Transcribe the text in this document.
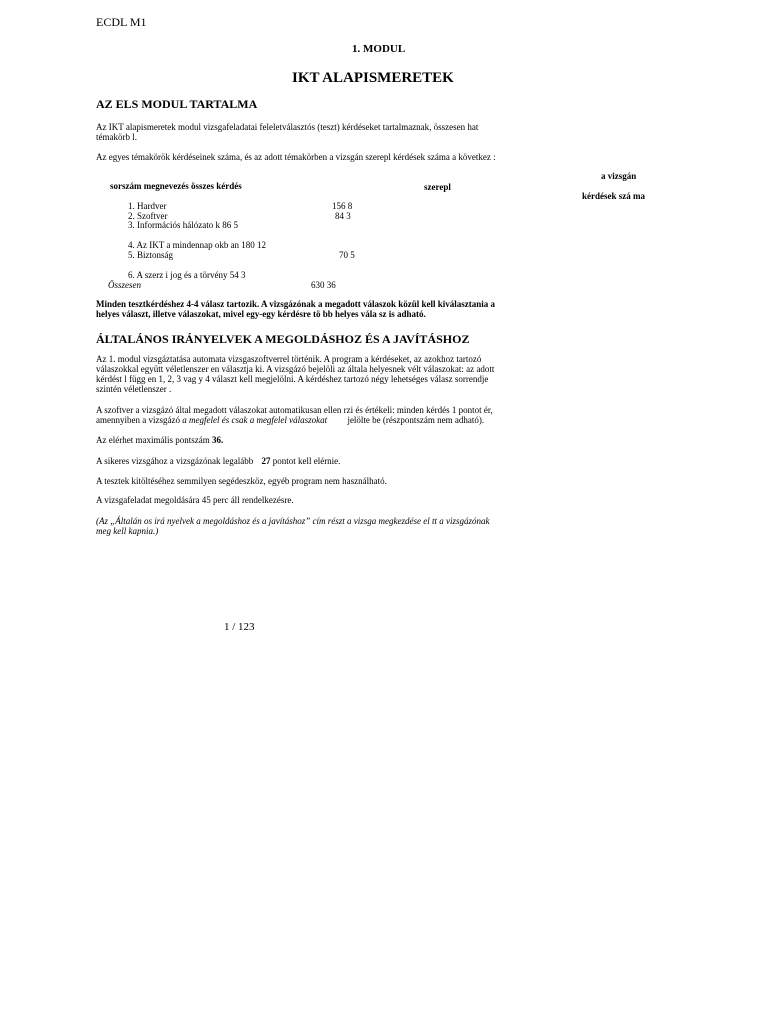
ECDL M1
1. MODUL
IKT ALAPISMERETEK
AZ ELS MODUL TARTALMA
Az IKT alapismeretek modul vizsgafeladatai feleletválasztós (teszt) kérdéseket tartalmaznak, összesen hat
témakörb l.
Az egyes témakörök kérdéseinek száma, és az adott témakörben a vizsgán szerepl kérdések száma a következ :
a vizsgán
sorszám megnevezés összes kérdés	szerepl
kérdések szá ma
1. Hardver	156 8
2. Szoftver	84 3
3. Információs hálózato k 86 5
4. Az IKT a mindennap okb an 180 12
5. Biztonság	70 5
6. A szerz i jog és a törvény 54 3
Összesen	630 36
Minden tesztkérdéshez 4-4 válasz tartozik. A vizsgázónak a megadott válaszok közül kell kiválasztania a
helyes választ, illetve válaszokat, mivel egy-egy kérdésre tö bb helyes vála sz is adható.
ÁLTALÁNOS IRÁNYELVEK A MEGOLDÁSHOZ ÉS A JAVÍTÁSHOZ
Az 1. modul vizsgáztatása automata vizsgaszoftverrel történik. A program a kérdéseket, az azokhoz tartozó
válaszokkal együtt véletlenszer en választja ki. A vizsgázó bejelöli az általa helyesnek vélt válaszokat: az adott
kérdést l függ en 1, 2, 3 vag y 4 választ kell megjelölni. A kérdéshez tartozó négy lehetséges válasz sorrendje
szintén véletlenszer .
A szoftver a vizsgázó által megadott válaszokat automatikusan ellen rzi és értékeli: minden kérdés 1 pontot ér,
amennyiben a vizsgázó a megfelel és csak a megfelel válaszokat         jelölte be (részpontszám nem adható).
Az elérhet maximális pontszám 36.
A sikeres vizsgához a vizsgázónak legalább 27 pontot kell elérnie.
A tesztek kitöltéséhez semmilyen segédeszköz, egyéb program nem használható.
A vizsgafeladat megoldására 45 perc áll rendelkezésre.
(Az „Általán os irá nyelvek a megoldáshoz és a javításhoz” cím részt a vizsga megkezdése el tt a vizsgázónak
meg kell kapnia.)
1 / 123
